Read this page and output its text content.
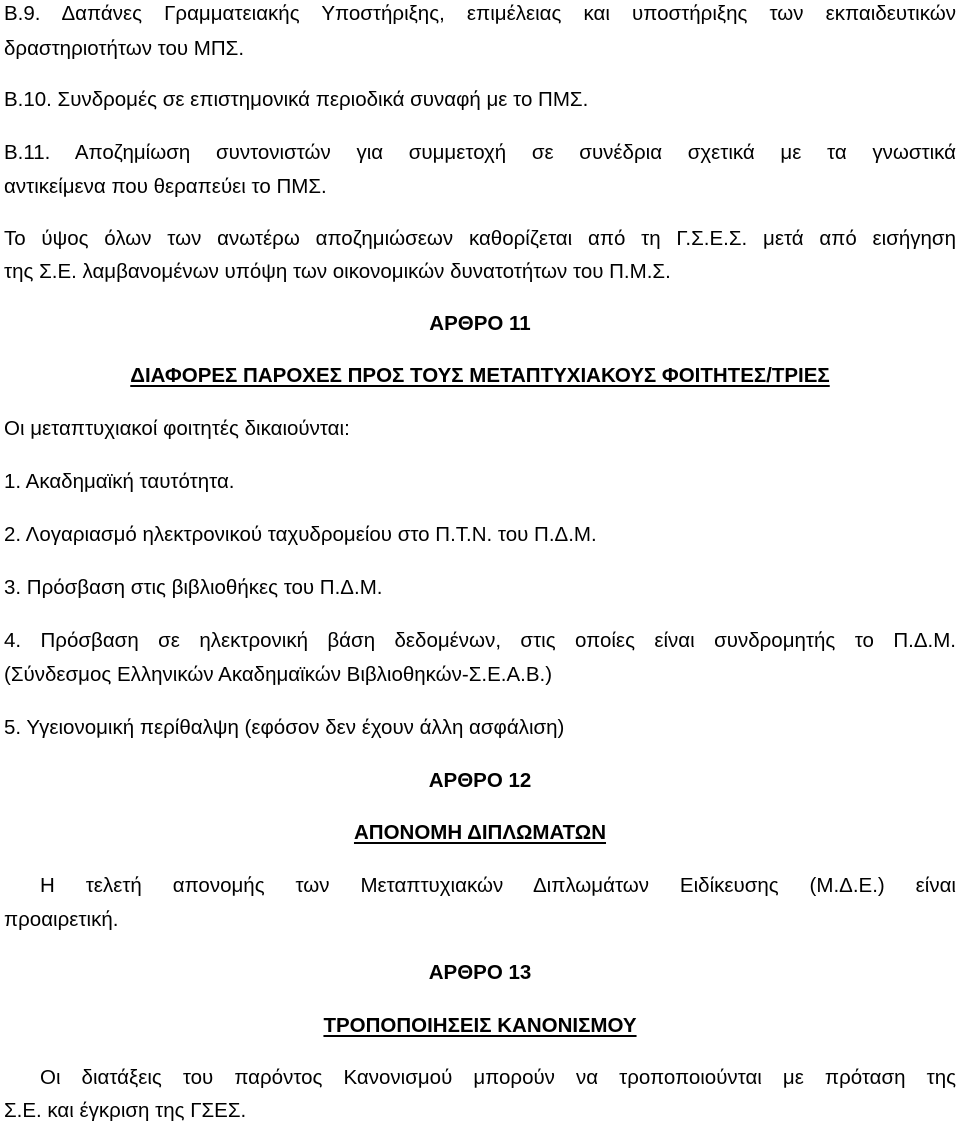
Β.9. Δαπάνες Γραμματειακής Υποστήριξης, επιμέλειας και υποστήριξης των εκπαιδευτικών
δραστηριοτήτων του ΜΠΣ.
Β.10. Συνδρομές σε επιστημονικά περιοδικά συναφή με το ΠΜΣ.
Β.11. Αποζημίωση συντονιστών για συμμετοχή σε συνέδρια σχετικά με τα γνωστικά
αντικείμενα που θεραπεύει το ΠΜΣ.
Το ύψος όλων των ανωτέρω αποζημιώσεων καθορίζεται από τη Γ.Σ.Ε.Σ. μετά από εισήγηση
της Σ.Ε. λαμβανομένων υπόψη των οικονομικών δυνατοτήτων του Π.Μ.Σ.
ΑΡΘΡΟ 11
ΔΙΑΦΟΡΕΣ ΠΑΡΟΧΕΣ ΠΡΟΣ ΤΟΥΣ ΜΕΤΑΠΤΥΧΙΑΚΟΥΣ ΦΟΙΤΗΤΕΣ/ΤΡΙΕΣ
Οι μεταπτυχιακοί φοιτητές δικαιούνται:
1. Ακαδημαϊκή ταυτότητα.
2. Λογαριασμό ηλεκτρονικού ταχυδρομείου στο Π.Τ.Ν. του Π.Δ.Μ.
3. Πρόσβαση στις βιβλιοθήκες του Π.Δ.Μ.
4. Πρόσβαση σε ηλεκτρονική βάση δεδομένων, στις οποίες είναι συνδρομητής το Π.Δ.Μ.
(Σύνδεσμος Ελληνικών Ακαδημαϊκών Βιβλιοθηκών-Σ.Ε.Α.Β.)
5. Υγειονομική περίθαλψη (εφόσον δεν έχουν άλλη ασφάλιση)
ΑΡΘΡΟ 12
ΑΠΟΝΟΜΗ ΔΙΠΛΩΜΑΤΩΝ
Η τελετή απονομής των Μεταπτυχιακών Διπλωμάτων Ειδίκευσης (Μ.Δ.Ε.) είναι
προαιρετική.
ΑΡΘΡΟ 13
ΤΡΟΠΟΠΟΙΗΣΕΙΣ ΚΑΝΟΝΙΣΜΟΥ
Οι διατάξεις του παρόντος Κανονισμού μπορούν να τροποποιούνται με πρόταση της
Σ.Ε. και έγκριση της ΓΣΕΣ.
